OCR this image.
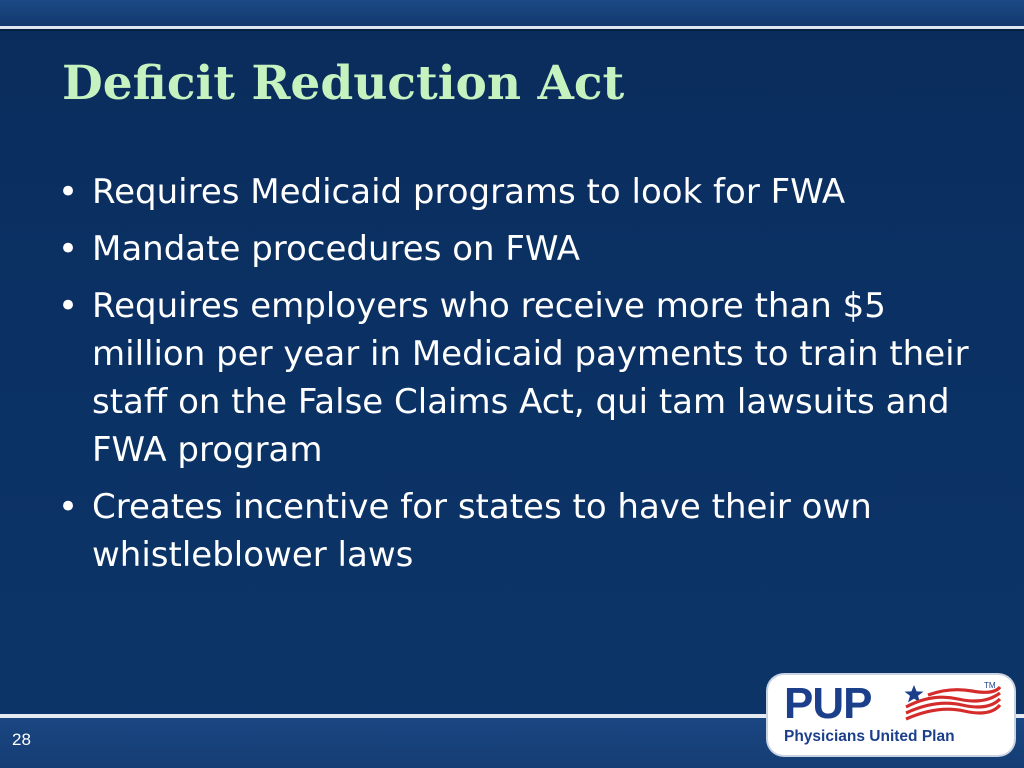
Deficit Reduction Act
• Requires Medicaid programs to look for FWA
• Mandate procedures on FWA
• Requires employers who receive more than $5 million per year in Medicaid payments to train their staff on the False Claims Act, qui tam lawsuits and FWA program
• Creates incentive for states to have their own whistleblower laws
28
PUP	TM
Physicians United Plan
